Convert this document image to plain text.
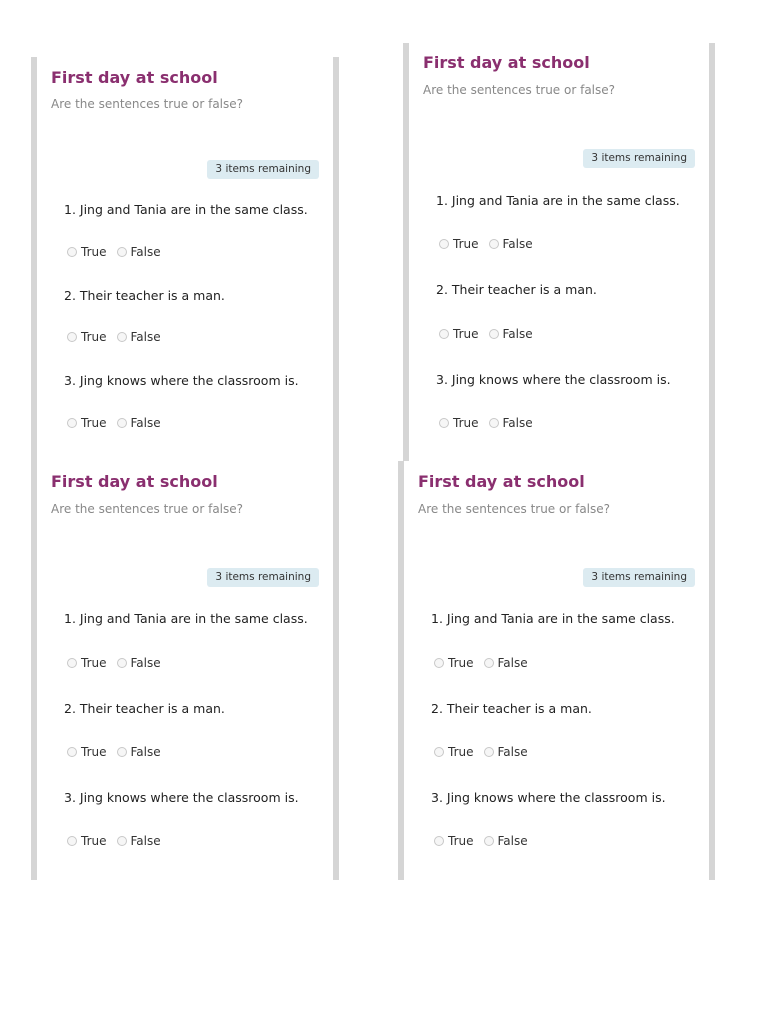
First day at school

Are the sentences true or false?

3 items remaining

1. Jing and Tania are in the same class.

True False

2. Their teacher is a man.

True False

3. Jing knows where the classroom is.

True False
First day at school

Are the sentences true or false?

3 items remaining

1. Jing and Tania are in the same class.

True False

2. Their teacher is a man.

True False

3. Jing knows where the classroom is.

True False
First day at school

Are the sentences true or false?

3 items remaining

1. Jing and Tania are in the same class.

True False

2. Their teacher is a man.

True False

3. Jing knows where the classroom is.

True False
First day at school

Are the sentences true or false?

3 items remaining

1. Jing and Tania are in the same class.

True False

2. Their teacher is a man.

True False

3. Jing knows where the classroom is.

True False
